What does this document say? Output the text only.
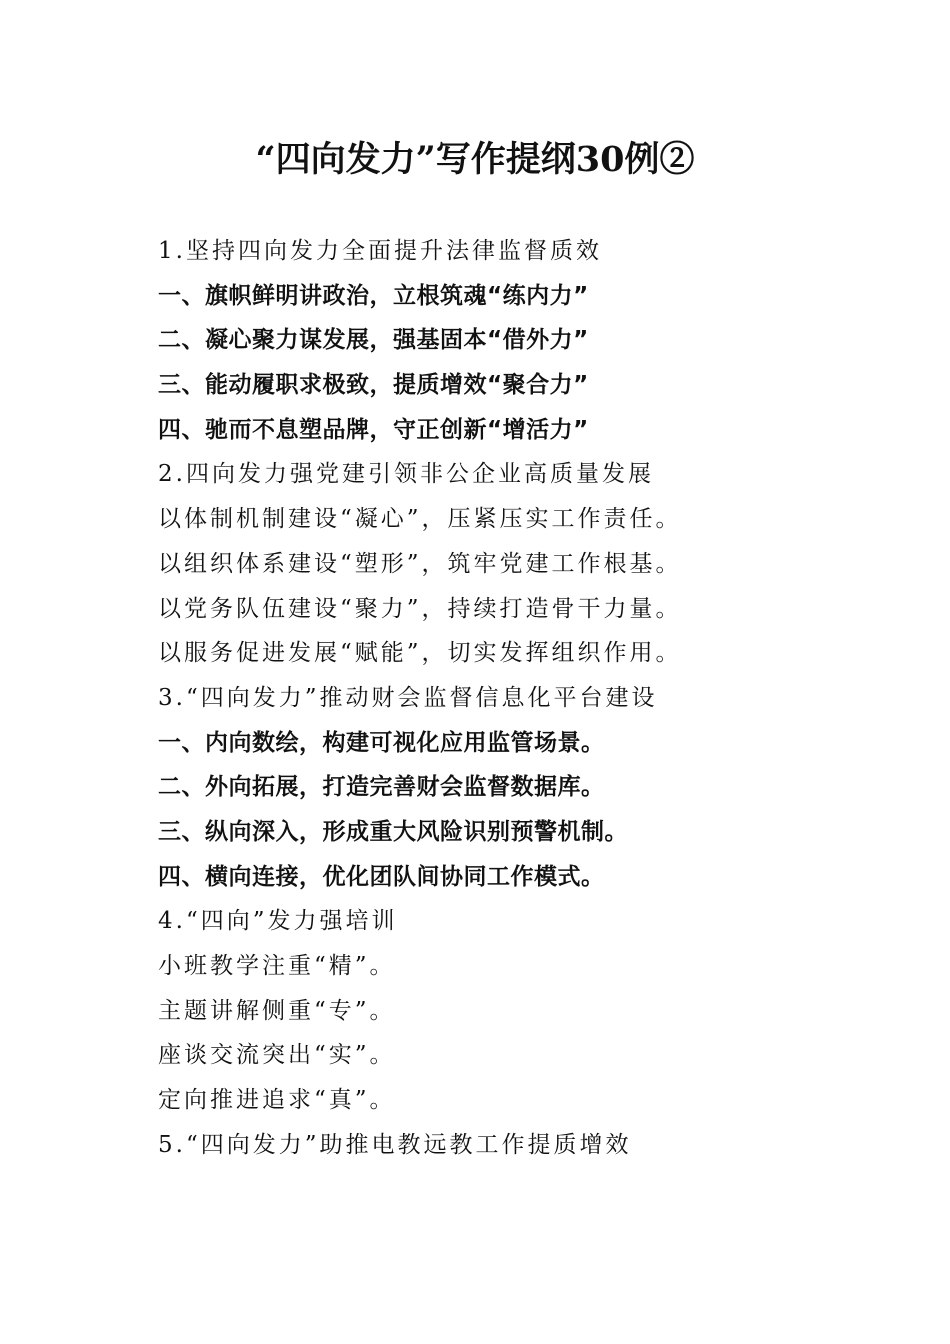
“四向发力”写作提纲30例②
1.坚持四向发力全面提升法律监督质效
一、旗帜鲜明讲政治，立根筑魂“练内力”
二、凝心聚力谋发展，强基固本“借外力”
三、能动履职求极致，提质增效“聚合力”
四、驰而不息塑品牌，守正创新“增活力”
2.四向发力强党建引领非公企业高质量发展
以体制机制建设“凝心”，压紧压实工作责任。
以组织体系建设“塑形”，筑牢党建工作根基。
以党务队伍建设“聚力”，持续打造骨干力量。
以服务促进发展“赋能”，切实发挥组织作用。
3.“四向发力”推动财会监督信息化平台建设
一、内向数绘，构建可视化应用监管场景。
二、外向拓展，打造完善财会监督数据库。
三、纵向深入，形成重大风险识别预警机制。
四、横向连接，优化团队间协同工作模式。
4.“四向”发力强培训
小班教学注重“精”。
主题讲解侧重“专”。
座谈交流突出“实”。
定向推进追求“真”。
5.“四向发力”助推电教远教工作提质增效
